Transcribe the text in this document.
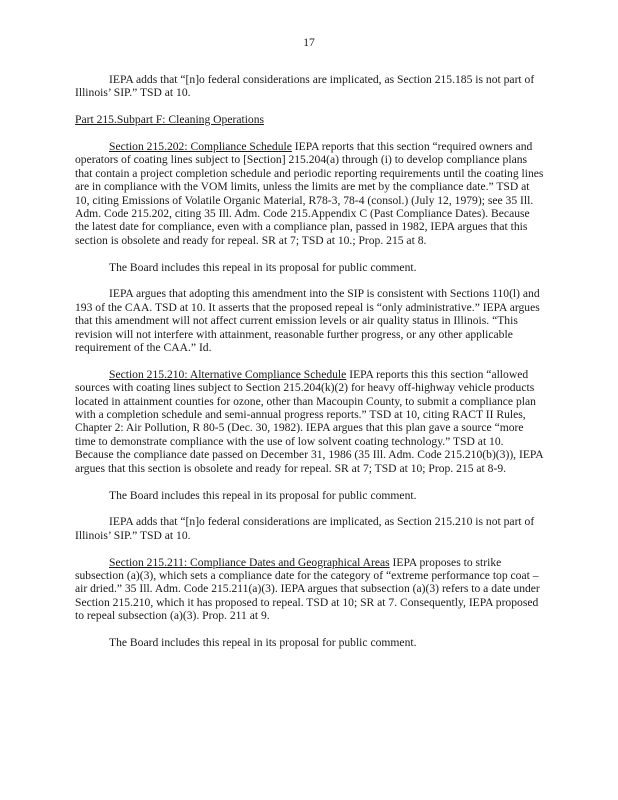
17

IEPA adds that “[n]o federal considerations are implicated, as Section 215.185 is not part of Illinois’ SIP.” TSD at 10.

Part 215.Subpart F: Cleaning Operations

Section 215.202: Compliance Schedule IEPA reports that this section “required owners and operators of coating lines subject to [Section] 215.204(a) through (i) to develop compliance plans that contain a project completion schedule and periodic reporting requirements until the coating lines are in compliance with the VOM limits, unless the limits are met by the compliance date.” TSD at 10, citing Emissions of Volatile Organic Material, R78-3, 78-4 (consol.) (July 12, 1979); see 35 Ill. Adm. Code 215.202, citing 35 Ill. Adm. Code 215.Appendix C (Past Compliance Dates). Because the latest date for compliance, even with a compliance plan, passed in 1982, IEPA argues that this section is obsolete and ready for repeal. SR at 7; TSD at 10.; Prop. 215 at 8.

The Board includes this repeal in its proposal for public comment.

IEPA argues that adopting this amendment into the SIP is consistent with Sections 110(l) and 193 of the CAA. TSD at 10. It asserts that the proposed repeal is “only administrative.” IEPA argues that this amendment will not affect current emission levels or air quality status in Illinois. “This revision will not interfere with attainment, reasonable further progress, or any other applicable requirement of the CAA.” Id.

Section 215.210: Alternative Compliance Schedule IEPA reports this this section “allowed sources with coating lines subject to Section 215.204(k)(2) for heavy off-highway vehicle products located in attainment counties for ozone, other than Macoupin County, to submit a compliance plan with a completion schedule and semi-annual progress reports.” TSD at 10, citing RACT II Rules, Chapter 2: Air Pollution, R 80-5 (Dec. 30, 1982). IEPA argues that this plan gave a source “more time to demonstrate compliance with the use of low solvent coating technology.” TSD at 10. Because the compliance date passed on December 31, 1986 (35 Ill. Adm. Code 215.210(b)(3)), IEPA argues that this section is obsolete and ready for repeal. SR at 7; TSD at 10; Prop. 215 at 8-9.

The Board includes this repeal in its proposal for public comment.

IEPA adds that “[n]o federal considerations are implicated, as Section 215.210 is not part of Illinois’ SIP.” TSD at 10.

Section 215.211: Compliance Dates and Geographical Areas IEPA proposes to strike subsection (a)(3), which sets a compliance date for the category of “extreme performance top coat – air dried.” 35 Ill. Adm. Code 215.211(a)(3). IEPA argues that subsection (a)(3) refers to a date under Section 215.210, which it has proposed to repeal. TSD at 10; SR at 7. Consequently, IEPA proposed to repeal subsection (a)(3). Prop. 211 at 9.

The Board includes this repeal in its proposal for public comment.
